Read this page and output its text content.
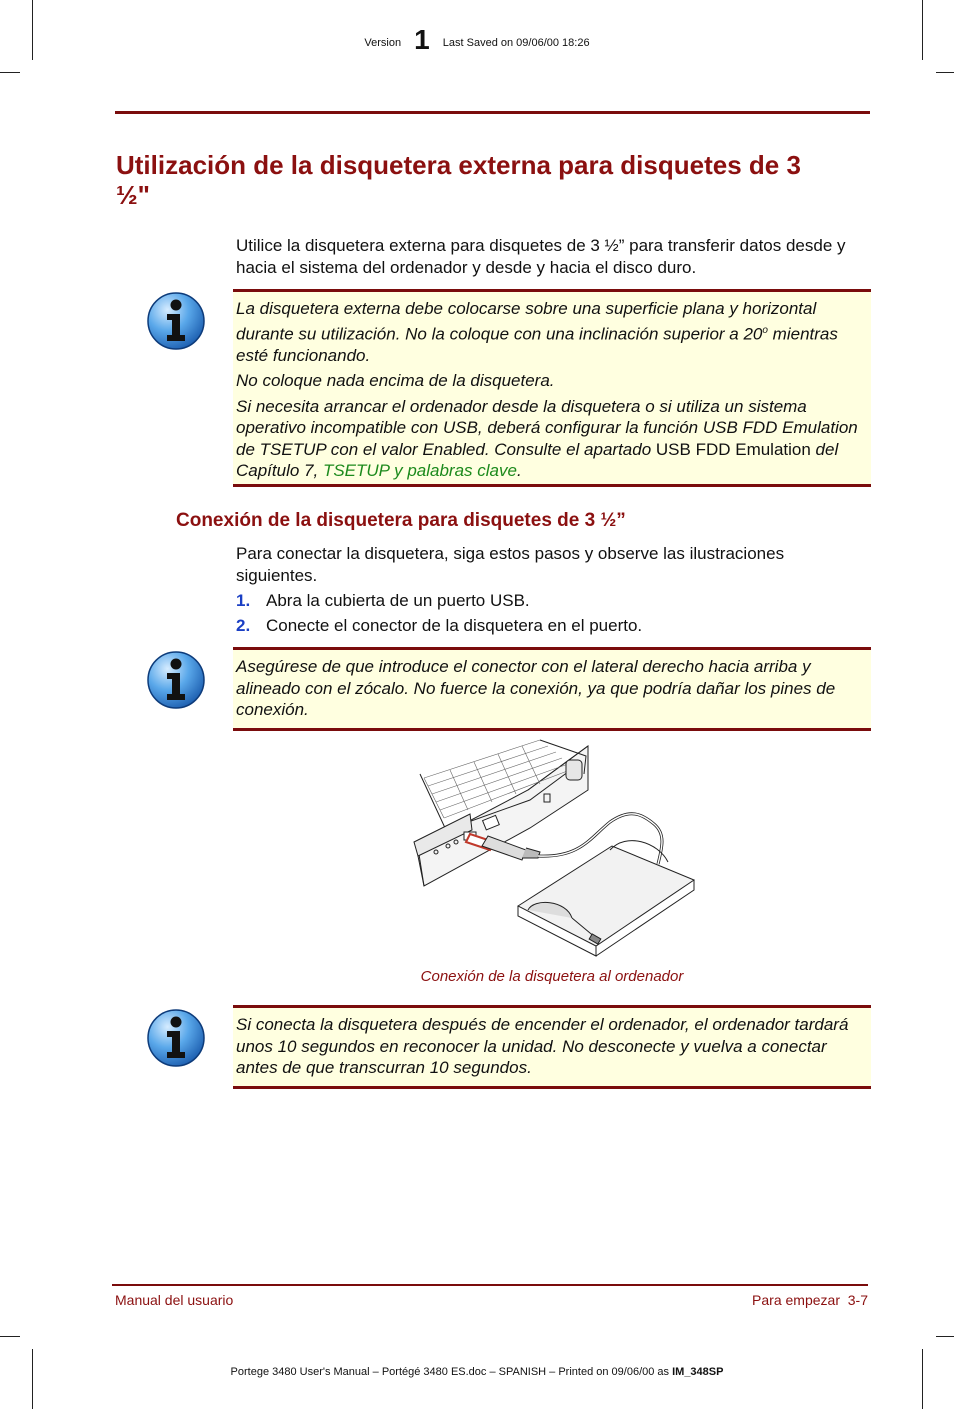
Version 1 Last Saved on 09/06/00 18:26
Utilización de la disquetera externa para disquetes de 3 ½"
Utilice la disquetera externa para disquetes de 3 ½” para transferir datos desde y hacia el sistema del ordenador y desde y hacia el disco duro.

La disquetera externa debe colocarse sobre una superficie plana y horizontal durante su utilización. No la coloque con una inclinación superior a 20$^o$ mientras esté funcionando.

No coloque nada encima de la disquetera.

Si necesita arrancar el ordenador desde la disquetera o si utiliza un sistema operativo incompatible con USB, deberá configurar la función USB FDD Emulation de TSETUP con el valor Enabled. Consulte el apartado USB FDD Emulation del Capítulo 7, TSETUP y palabras clave.

Conexión de la disquetera para disquetes de 3 ½”
Para conectar la disquetera, siga estos pasos y observe las ilustraciones siguientes.
1. Abra la cubierta de un puerto USB.
2. Conecte el conector de la disquetera en el puerto.

Asegúrese de que introduce el conector con el lateral derecho hacia arriba y alineado con el zócalo. No fuerce la conexión, ya que podría dañar los pines de conexión.

Conexión de la disquetera al ordenador

Si conecta la disquetera después de encender el ordenador, el ordenador tardará unos 10 segundos en reconocer la unidad. No desconecte y vuelva a conectar antes de que transcurran 10 segundos.

Manual del usuario	Para empezar  3-7
Portege 3480 User's Manual – Portégé 3480 ES.doc – SPANISH – Printed on 09/06/00 as IM_348SP
